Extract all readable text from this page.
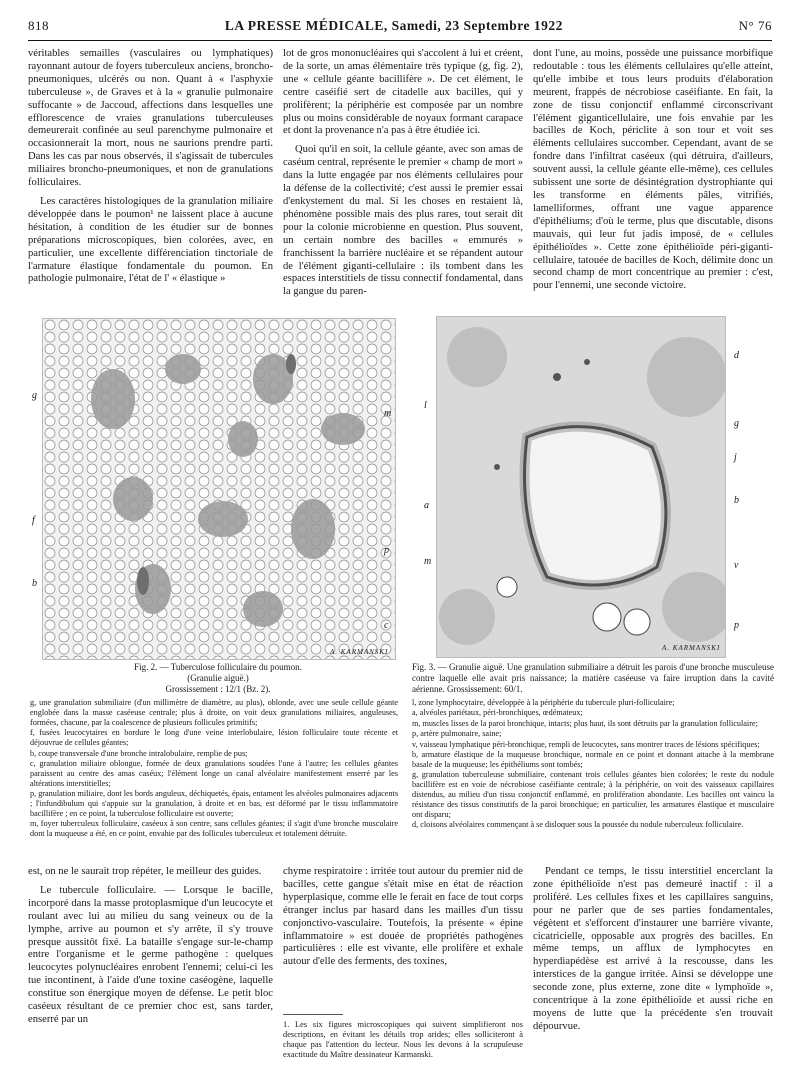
818	LA PRESSE MÉDICALE, Samedi, 23 Septembre 1922	N° 76

véritables semailles (vasculaires ou lymphatiques) rayonnant autour de foyers tuberculeux anciens, broncho-pneumoniques, ulcérés ou non. Quant à « l'asphyxie tuberculeuse », de Graves et à la « granulie pulmonaire suffocante » de Jaccoud, affections dans lesquelles une efflorescence de vraies granulations tuberculeuses demeurerait confinée au seul parenchyme pulmonaire et occasionnerait la mort, nous ne saurions prendre parti. Dans les cas par nous observés, il s'agissait de tubercules miliaires broncho-pneumoniques, et non de granulations folliculaires.

Les caractères histologiques de la granulation miliaire développée dans le poumon¹ ne laissent place à aucune hésitation, à condition de les étudier sur de bonnes préparations microscopiques, bien colorées, avec, en particulier, une excellente différenciation tinctoriale de l'armature élastique fondamentale du poumon. En pathologie pulmonaire, l'état de l' « élastique »

lot de gros mononucléaires qui s'accolent à lui et créent, de la sorte, un amas élémentaire très typique (g, fig. 2), une « cellule géante bacillifère ». De cet élément, le centre caséifié sert de citadelle aux bacilles, qui y prolifèrent; la périphérie est composée par un nombre plus ou moins considérable de noyaux formant carapace et dont la provenance n'a pas à être étudiée ici.

Quoi qu'il en soit, la cellule géante, avec son amas de caséum central, représente le premier « champ de mort » dans la lutte engagée par nos éléments cellulaires pour la défense de la collectivité; c'est aussi le premier essai d'enkystement du mal. Si les choses en restaient là, phénomène possible mais des plus rares, tout serait dit pour la colonie microbienne en question. Plus souvent, un certain nombre des bacilles « emmurés » franchissent la barrière nucléaire et se répandent autour de l'élément giganti-cellulaire : ils tombent dans les espaces interstitiels de tissu connectif fondamental, dans la gangue du paren-

dont l'une, au moins, possède une puissance morbifique redoutable : tous les éléments cellulaires qu'elle atteint, qu'elle imbibe et tous leurs produits d'élaboration meurent, frappés de nécrobiose caséifiante. En fait, la zone de tissu conjonctif enflammé circonscrivant l'élément giganticellulaire, une fois envahie par les bacilles de Koch, périclite à son tour et voit ses éléments cellulaires succomber. Cependant, avant de se fondre dans l'infiltrat caséeux (qui détruira, d'ailleurs, souvent aussi, la cellule géante elle-même), ces cellules subissent une sorte de désintégration dystrophiante qui les transforme en éléments pâles, vitrifiés, lamelliformes, offrant une vague apparence d'épithéliums; d'où le terme, plus que discutable, disons mauvais, qui leur fut jadis imposé, de « cellules épithélioïdes ». Cette zone épithélioïde péri-giganti-cellulaire, tatouée de bacilles de Koch, délimite donc un second champ de mort concentrique au premier : c'est, pour l'ennemi, une seconde victoire.

g
m
f
p
b
c
A. KARMANSKI
Fig. 2. — Tuberculose folliculaire du poumon.
(Granulie aiguë.)
Grossissement : 12/1 (Bz. 2).
g, une granulation submiliaire (d'un millimètre de diamètre, au plus), oblonde, avec une seule cellule géante englobée dans la masse caséeuse centrale; plus à droite, on voit deux granulations miliaires, anguleuses, formées, chacune, par la coalescence de plusieurs follicules primitifs;
f, fusées leucocytaires en bordure le long d'une veine interlobulaire, lésion folliculaire toute récente et déjouvrue de cellules géantes;
b, coupe transversale d'une bronche intralobulaire, remplie de pus;
c, granulation miliaire oblongue, formée de deux granulations soudées l'une à l'autre; les cellules géantes paraissent au centre des amas caséux; l'élément longe un canal alvéolaire manifestement enserré par les altérations interstitielles;
p, granulation miliaire, dont les bords anguleux, déchiquetés, épais, entament les alvéoles pulmonaires adjacents ; l'infundibulum qui s'appuie sur la granulation, à droite et en bas, est déformé par le tissu inflammatoire bacillifère ; en ce point, la tuberculose folliculaire est ouverte;
m, foyer tuberculeux folliculaire, caséeux à son centre, sans cellules géantes; il s'agit d'une bronche musculaire dont la muqueuse a été, en ce point, envahie par des follicules tuberculeux et totalement détruite.
d
l
g
a
j
b
m	v
p
A. KARMANSKI
Fig. 3. — Granulie aiguë. Une granulation submiliaire a détruit les parois d'une bronche musculeuse contre laquelle elle avait pris naissance; la matière caséeuse va faire irruption dans la cavité aérienne. Grossissement: 60/1.
l, zone lymphocytaire, développée à la périphérie du tubercule pluri-folliculaire;
a, alvéoles pariétaux, péri-bronchiques, œdémateux;
m, muscles lisses de la paroi bronchique, intacts; plus haut, ils sont détruits par la granulation folliculaire;
p, artère pulmonaire, saine;
v, vaisseau lymphatique péri-bronchique, rempli de leucocytes, sans montrer traces de lésions spécifiques;
b, armature élastique de la muqueuse bronchique, normale en ce point et donnant attache à la membrane basale de la muqueuse; les épithéliums sont tombés;
g, granulation tuberculeuse submiliaire, contenant trois cellules géantes bien colorées; le reste du nodule bacillifère est en voie de nécrobiose caséifiante centrale; à la périphérie, on voit des vaisseaux capillaires distendus, au milieu d'un tissu conjonctif enflammé, en prolifération abondante. Les bacilles ont vaincu la résistance des tissus constitutifs de la paroi bronchique; en particulier, les armatures élastique et musculaire ont disparu;
d, cloisons alvéolaires commençant à se disloquer sous la poussée du nodule tuberculeux folliculaire.

est, on ne le saurait trop répéter, le meilleur des guides.

Le tubercule folliculaire. — Lorsque le bacille, incorporé dans la masse protoplasmique d'un leucocyte et roulant avec lui au milieu du sang veineux ou de la lymphe, arrive au poumon et s'y arrête, il s'y trouve presque aussitôt fixé. La bataille s'engage sur-le-champ entre l'organisme et le germe pathogène : quelques leucocytes polynucléaires enrobent l'ennemi; celui-ci les tue incontinent, à l'aide d'une toxine caséogène, laquelle constitue son énergique moyen de défense. Le petit bloc caséeux résultant de ce premier choc est, sans tarder, enserré par un

chyme respiratoire : irritée tout autour du premier nid de bacilles, cette gangue s'était mise en état de réaction hyperplasique, comme elle le ferait en face de tout corps étranger inclus par hasard dans les mailles d'un tissu conjonctivo-vasculaire. Toutefois, la présente « épine inflammatoire » est douée de propriétés pathogènes particulières : elle est vivante, elle prolifère et exhale autour d'elle des ferments, des toxines,

1. Les six figures microscopiques qui suivent simplifieront nos descriptions, en évitant les détails trop arides; elles solliciteront à chaque pas l'attention du lecteur. Nous les devons à la scrupuleuse exactitude du Maître dessinateur Karmanski.

Pendant ce temps, le tissu interstitiel encerclant la zone épithélioïde n'est pas demeuré inactif : il a proliféré. Les cellules fixes et les capillaires sanguins, pour ne parler que de ses parties fondamentales, végètent et s'efforcent d'instaurer une barrière vivante, cicatricielle, opposable aux progrès des bacilles. En même temps, un afflux de lymphocytes en hyperdiapédèse est arrivé à la rescousse, dans les interstices de la gangue irritée. Ainsi se développe une seconde zone, plus externe, zone dite « lymphoïde », concentrique à la zone épithélioïde et aussi riche en moyens de lutte que la précédente s'en trouvait dépourvue.
